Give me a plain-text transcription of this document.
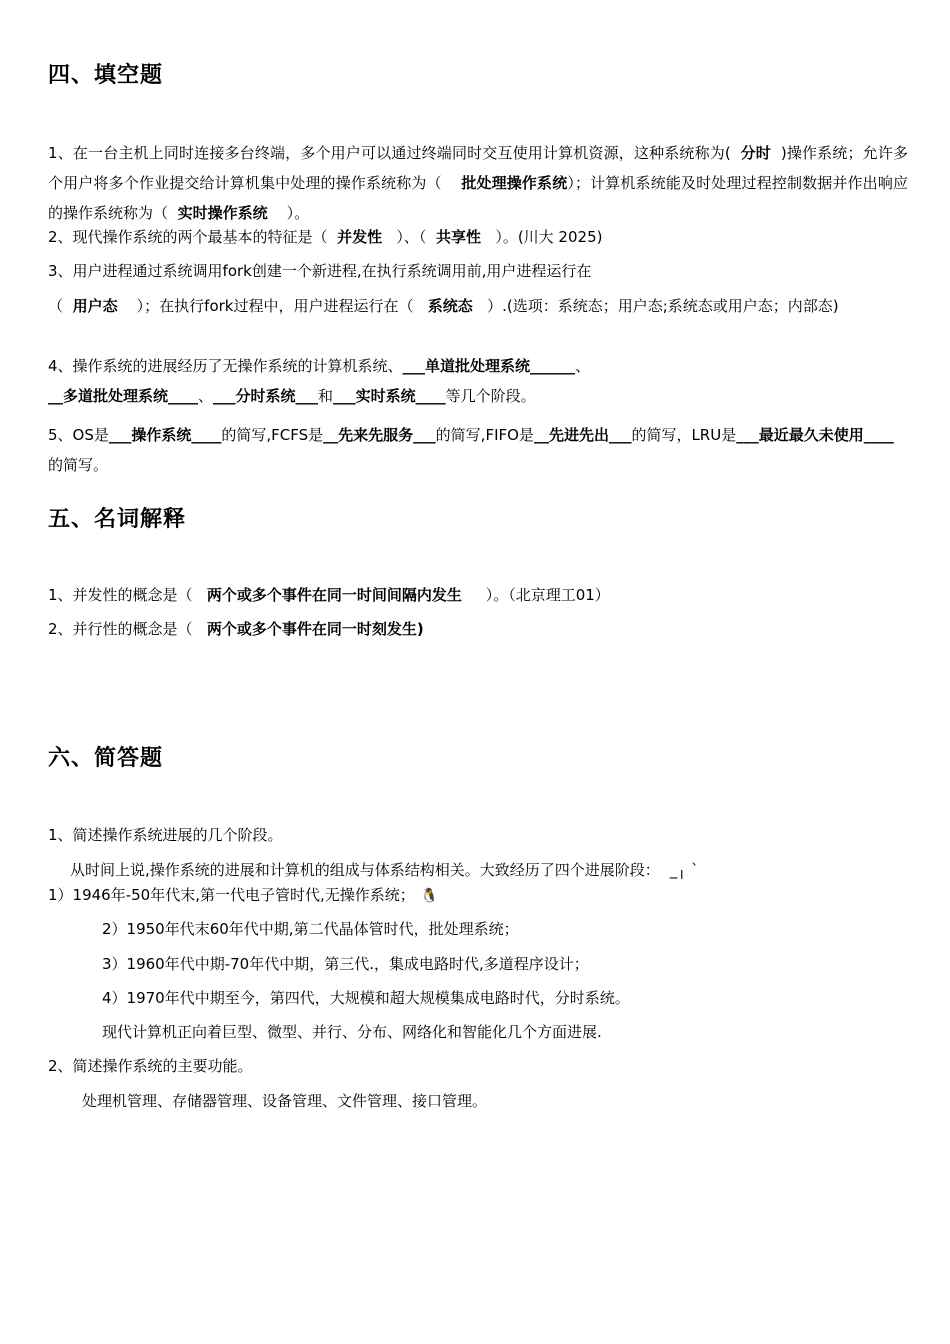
四、填空题

1、在一台主机上同时连接多台终端，多个用户可以通过终端同时交互使用计算机资源，这种系统称为( 分时 )操作系统；允许多个用户将多个作业提交给计算机集中处理的操作系统称为（ 批处理操作系统）；计算机系统能及时处理过程控制数据并作出响应的操作系统称为（ 实时操作系统 ）。

2、现代操作系统的两个最基本的特征是（ 并发性 ）、（ 共享性 ）。(川大 2025)

3、用户进程通过系统调用fork创建一个新进程,在执行系统调用前,用户进程运行在

（ 用户态 ）；在执行fork过程中，用户进程运行在（ 系统态 ）.(选项：系统态；用户态;系统态或用户态；内部态)

4、操作系统的进展经历了无操作系统的计算机系统、___单道批处理系统______、
__多道批处理系统____、___分时系统___和___实时系统____等几个阶段。

5、OS是___操作系统____的简写,FCFS是__先来先服务___的简写,FIFO是__先进先出___的简写，LRU是___最近最久未使用____的简写。

五、名词解释

1、并发性的概念是（ 两个或多个事件在同一时间间隔内发生 ）。（北京理工01）

2、并行性的概念是（ 两个或多个事件在同一时刻发生)

六、简答题

1、简述操作系统进展的几个阶段。

从时间上说,操作系统的进展和计算机的组成与体系结构相关。大致经历了四个进展阶段： _╷ `

1）1946年-50年代末,第一代电子管时代,无操作系统； 🐧

2）1950年代末60年代中期,第二代晶体管时代，批处理系统；

3）1960年代中期-70年代中期，第三代.，集成电路时代,多道程序设计；

4）1970年代中期至今，第四代，大规模和超大规模集成电路时代，分时系统。

现代计算机正向着巨型、微型、并行、分布、网络化和智能化几个方面进展.

2、简述操作系统的主要功能。

处理机管理、存储器管理、设备管理、文件管理、接口管理。
